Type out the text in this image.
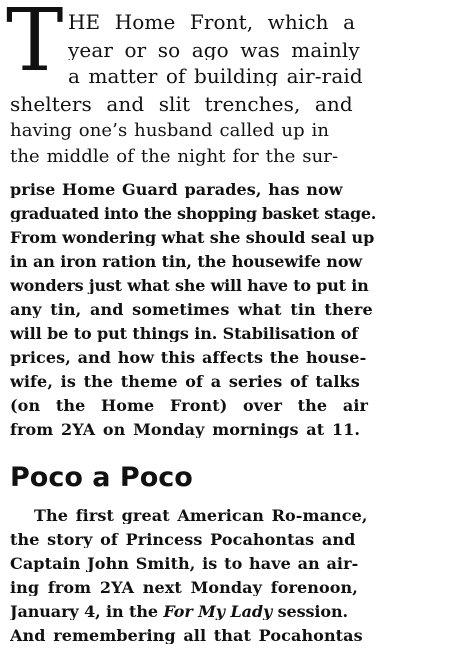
T HE Home Front, which a

year or so ago was mainly

a matter of building air-raid

shelters and slit trenches, and

having one’s husband called up in

the middle of the night for the sur-

prise Home Guard parades, has now

graduated into the shopping basket stage.

From wondering what she should seal up

in an iron ration tin, the housewife now

wonders just what she will have to put in

any tin, and sometimes what tin there

will be to put things in. Stabilisation of

prices, and how this affects the house-

wife, is the theme of a series of talks

(on the Home Front) over the air

from 2YA on Monday mornings at 11.

Poco a Poco

The first great American Ro-mance,

the story of Princess Pocahontas and

Captain John Smith, is to have an air-

ing from 2YA next Monday forenoon,

January 4, in the For My Lady session.

And remembering all that Pocahontas
